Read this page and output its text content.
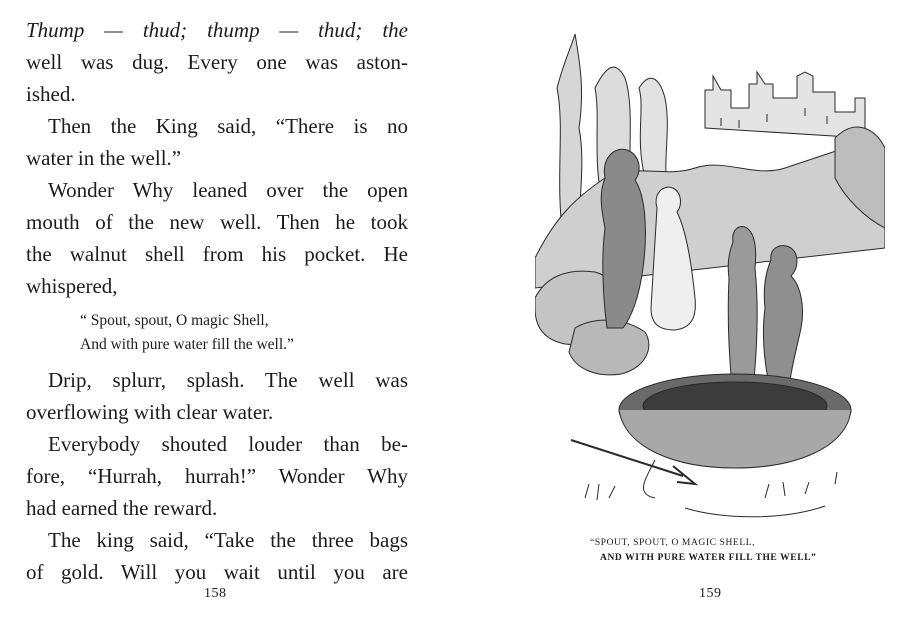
Thump — thud; thump — thud; the
well was dug. Every one was aston-
ished.
Then the King said, “There is no
water in the well.”
Wonder Why leaned over the open
mouth of the new well. Then he took
the walnut shell from his pocket. He
whispered,
“ Spout, spout, O magic Shell,
And with pure water fill the well.”
Drip, splurr, splash. The well was
overflowing with clear water.
Everybody shouted louder than be-
fore, “Hurrah, hurrah!” Wonder Why
had earned the reward.
The king said, “Take the three bags
of gold. Will you wait until you are
158
“SPOUT, SPOUT, O MAGIC SHELL,
AND WITH PURE WATER FILL THE WELL”
159
